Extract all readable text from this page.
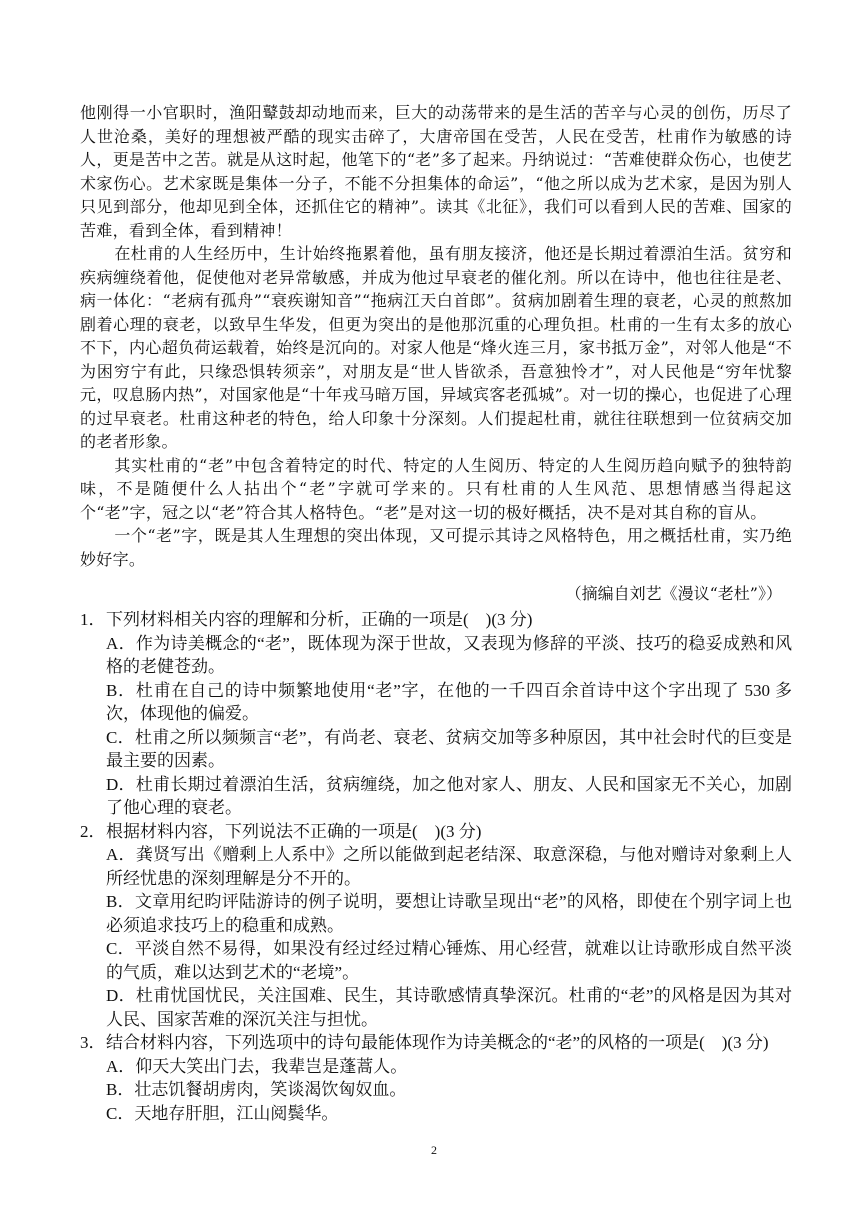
他刚得一小官职时，渔阳鼙鼓却动地而来，巨大的动荡带来的是生活的苦辛与心灵的创伤，历尽了人世沧桑，美好的理想被严酷的现实击碎了，大唐帝国在受苦，人民在受苦，杜甫作为敏感的诗人，更是苦中之苦。就是从这时起，他笔下的“老”多了起来。丹纳说过：“苦难使群众伤心，也使艺术家伤心。艺术家既是集体一分子，不能不分担集体的命运”，“他之所以成为艺术家，是因为别人只见到部分，他却见到全体，还抓住它的精神”。读其《北征》，我们可以看到人民的苦难、国家的苦难，看到全体，看到精神！

在杜甫的人生经历中，生计始终拖累着他，虽有朋友接济，他还是长期过着漂泊生活。贫穷和疾病缠绕着他，促使他对老异常敏感，并成为他过早衰老的催化剂。所以在诗中，他也往往是老、病一体化：“老病有孤舟”“衰疾谢知音”“拖病江天白首郎”。贫病加剧着生理的衰老，心灵的煎熬加剧着心理的衰老，以致早生华发，但更为突出的是他那沉重的心理负担。杜甫的一生有太多的放心不下，内心超负荷运载着，始终是沉向的。对家人他是“烽火连三月，家书抵万金”，对邻人他是“不为困穷宁有此，只缘恐惧转须亲”，对朋友是“世人皆欲杀，吾意独怜才”，对人民他是“穷年忧黎元，叹息肠内热”，对国家他是“十年戎马暗万国，异域宾客老孤城”。对一切的操心，也促进了心理的过早衰老。杜甫这种老的特色，给人印象十分深刻。人们提起杜甫，就往往联想到一位贫病交加的老者形象。

其实杜甫的“老”中包含着特定的时代、特定的人生阅历、特定的人生阅历趋向赋予的独特韵味，不是随便什么人拈出个“老”字就可学来的。只有杜甫的人生风范、思想情感当得起这个“老”字，冠之以“老”符合其人格特色。“老”是对这一切的极好概括，决不是对其自称的盲从。

一个“老”字，既是其人生理想的突出体现，又可提示其诗之风格特色，用之概括杜甫，实乃绝妙好字。

（摘编自刘艺《漫议“老杜”》）

1．下列材料相关内容的理解和分析，正确的一项是(　)(3 分)

A．作为诗美概念的“老”，既体现为深于世故，又表现为修辞的平淡、技巧的稳妥成熟和风格的老健苍劲。

B．杜甫在自己的诗中频繁地使用“老”字，在他的一千四百余首诗中这个字出现了 530 多次，体现他的偏爱。

C．杜甫之所以频频言“老”，有尚老、衰老、贫病交加等多种原因，其中社会时代的巨变是最主要的因素。

D．杜甫长期过着漂泊生活，贫病缠绕，加之他对家人、朋友、人民和国家无不关心，加剧了他心理的衰老。

2．根据材料内容，下列说法不正确的一项是(　)(3 分)

A．龚贤写出《赠剩上人系中》之所以能做到起老结深、取意深稳，与他对赠诗对象剩上人所经忧患的深刻理解是分不开的。

B．文章用纪昀评陆游诗的例子说明，要想让诗歌呈现出“老”的风格，即使在个别字词上也必须追求技巧上的稳重和成熟。

C．平淡自然不易得，如果没有经过经过精心锤炼、用心经营，就难以让诗歌形成自然平淡的气质，难以达到艺术的“老境”。

D．杜甫忧国忧民，关注国难、民生，其诗歌感情真挚深沉。杜甫的“老”的风格是因为其对人民、国家苦难的深沉关注与担忧。

3．结合材料内容，下列选项中的诗句最能体现作为诗美概念的“老”的风格的一项是(　)(3 分)

A．仰天大笑出门去，我辈岂是蓬蒿人。

B．壮志饥餐胡虏肉，笑谈渴饮匈奴血。

C．天地存肝胆，江山阅鬓华。

2
